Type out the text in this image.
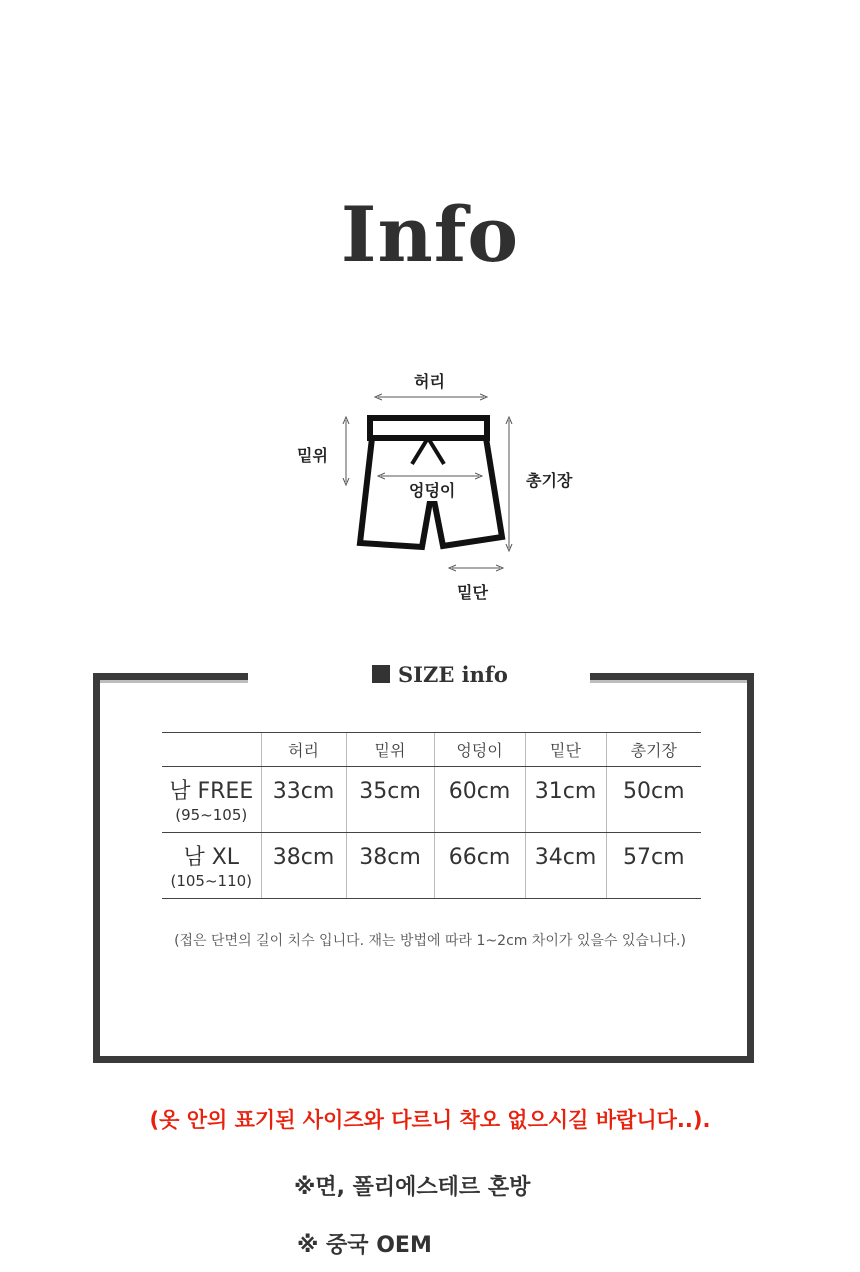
Info
허리
밑위
엉덩이
총기장
밑단
SIZE info
	허리	밑위	엉덩이	밑단	총기장

남 FREE
(95~105)	33cm	35cm	60cm	31cm	50cm

남 XL
(105~110)	38cm	38cm	66cm	34cm	57cm
(접은 단면의 길이 치수 입니다. 재는 방법에 따라 1~2cm 차이가 있을수 있습니다.)
(옷 안의 표기된 사이즈와 다르니 착오 없으시길 바랍니다..).
※면, 폴리에스테르 혼방
※ 중국 OEM
